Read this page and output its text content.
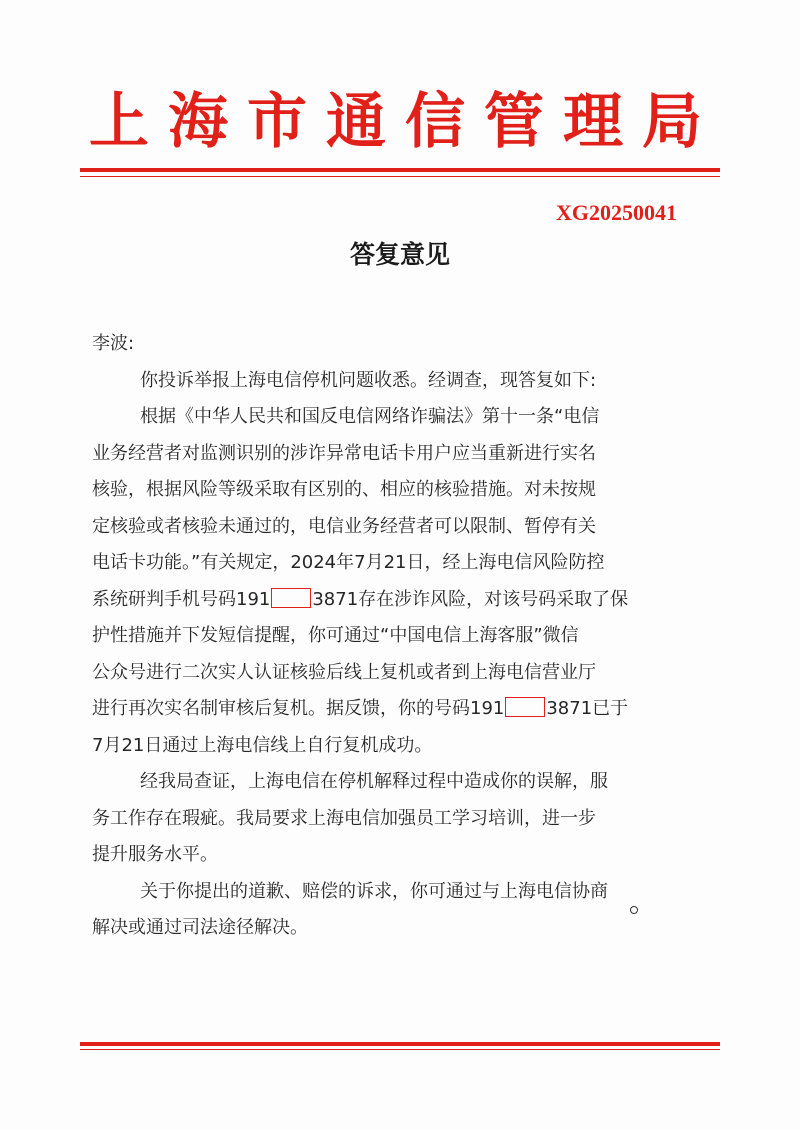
上海市通信管理局
XG20250041
答复意见
李波:
你投诉举报上海电信停机问题收悉。经调查，现答复如下:
根据《中华人民共和国反电信网络诈骗法》第十一条“电信
业务经营者对监测识别的涉诈异常电话卡用户应当重新进行实名
核验，根据风险等级采取有区别的、相应的核验措施。对未按规
定核验或者核验未通过的，电信业务经营者可以限制、暂停有关
电话卡功能。”有关规定，2024年7月21日，经上海电信风险防控
系统研判手机号码191 3871存在涉诈风险，对该号码采取了保
护性措施并下发短信提醒，你可通过“中国电信上海客服”微信
公众号进行二次实人认证核验后线上复机或者到上海电信营业厅
进行再次实名制审核后复机。据反馈，你的号码191 3871已于
7月21日通过上海电信线上自行复机成功。
经我局查证，上海电信在停机解释过程中造成你的误解，服
务工作存在瑕疵。我局要求上海电信加强员工学习培训，进一步
提升服务水平。
关于你提出的道歉、赔偿的诉求，你可通过与上海电信协商
解决或通过司法途径解决。
